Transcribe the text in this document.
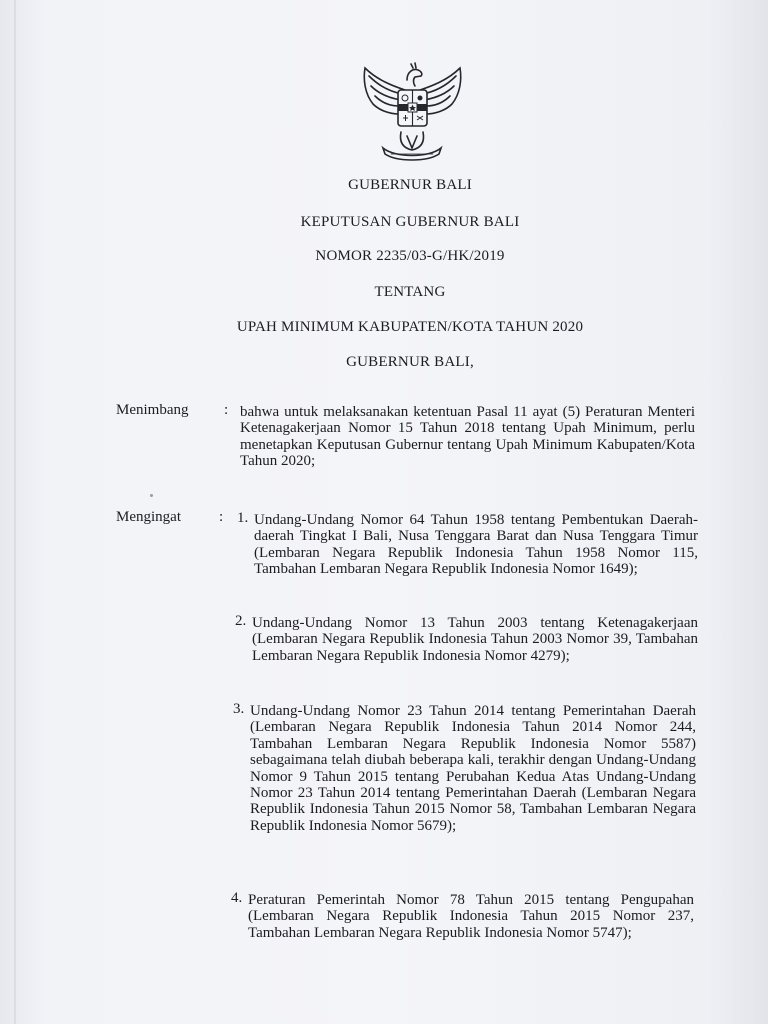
GUBERNUR BALI
KEPUTUSAN GUBERNUR BALI
NOMOR 2235/03-G/HK/2019
TENTANG
UPAH MINIMUM KABUPATEN/KOTA TAHUN 2020
GUBERNUR BALI,
Menimbang : bahwa untuk melaksanakan ketentuan Pasal 11 ayat (5) Peraturan Menteri Ketenagakerjaan Nomor 15 Tahun 2018 tentang Upah Minimum, perlu menetapkan Keputusan Gubernur tentang Upah Minimum Kabupaten/Kota Tahun 2020;
Mengingat	: 1. Undang-Undang Nomor 64 Tahun 1958 tentang Pembentukan Daerah-daerah Tingkat I Bali, Nusa Tenggara Barat dan Nusa Tenggara Timur (Lembaran Negara Republik Indonesia Tahun 1958 Nomor 115, Tambahan Lembaran Negara Republik Indonesia Nomor 1649);
2. Undang-Undang Nomor 13 Tahun 2003 tentang Ketenagakerjaan (Lembaran Negara Republik Indonesia Tahun 2003 Nomor 39, Tambahan Lembaran Negara Republik Indonesia Nomor 4279);
3. Undang-Undang Nomor 23 Tahun 2014 tentang Pemerintahan Daerah (Lembaran Negara Republik Indonesia Tahun 2014 Nomor 244, Tambahan Lembaran Negara Republik Indonesia Nomor 5587) sebagaimana telah diubah beberapa kali, terakhir dengan Undang-Undang Nomor 9 Tahun 2015 tentang Perubahan Kedua Atas Undang-Undang Nomor 23 Tahun 2014 tentang Pemerintahan Daerah (Lembaran Negara Republik Indonesia Tahun 2015 Nomor 58, Tambahan Lembaran Negara Republik Indonesia Nomor 5679);
4. Peraturan Pemerintah Nomor 78 Tahun 2015 tentang Pengupahan (Lembaran Negara Republik Indonesia Tahun 2015 Nomor 237, Tambahan Lembaran Negara Republik Indonesia Nomor 5747);
